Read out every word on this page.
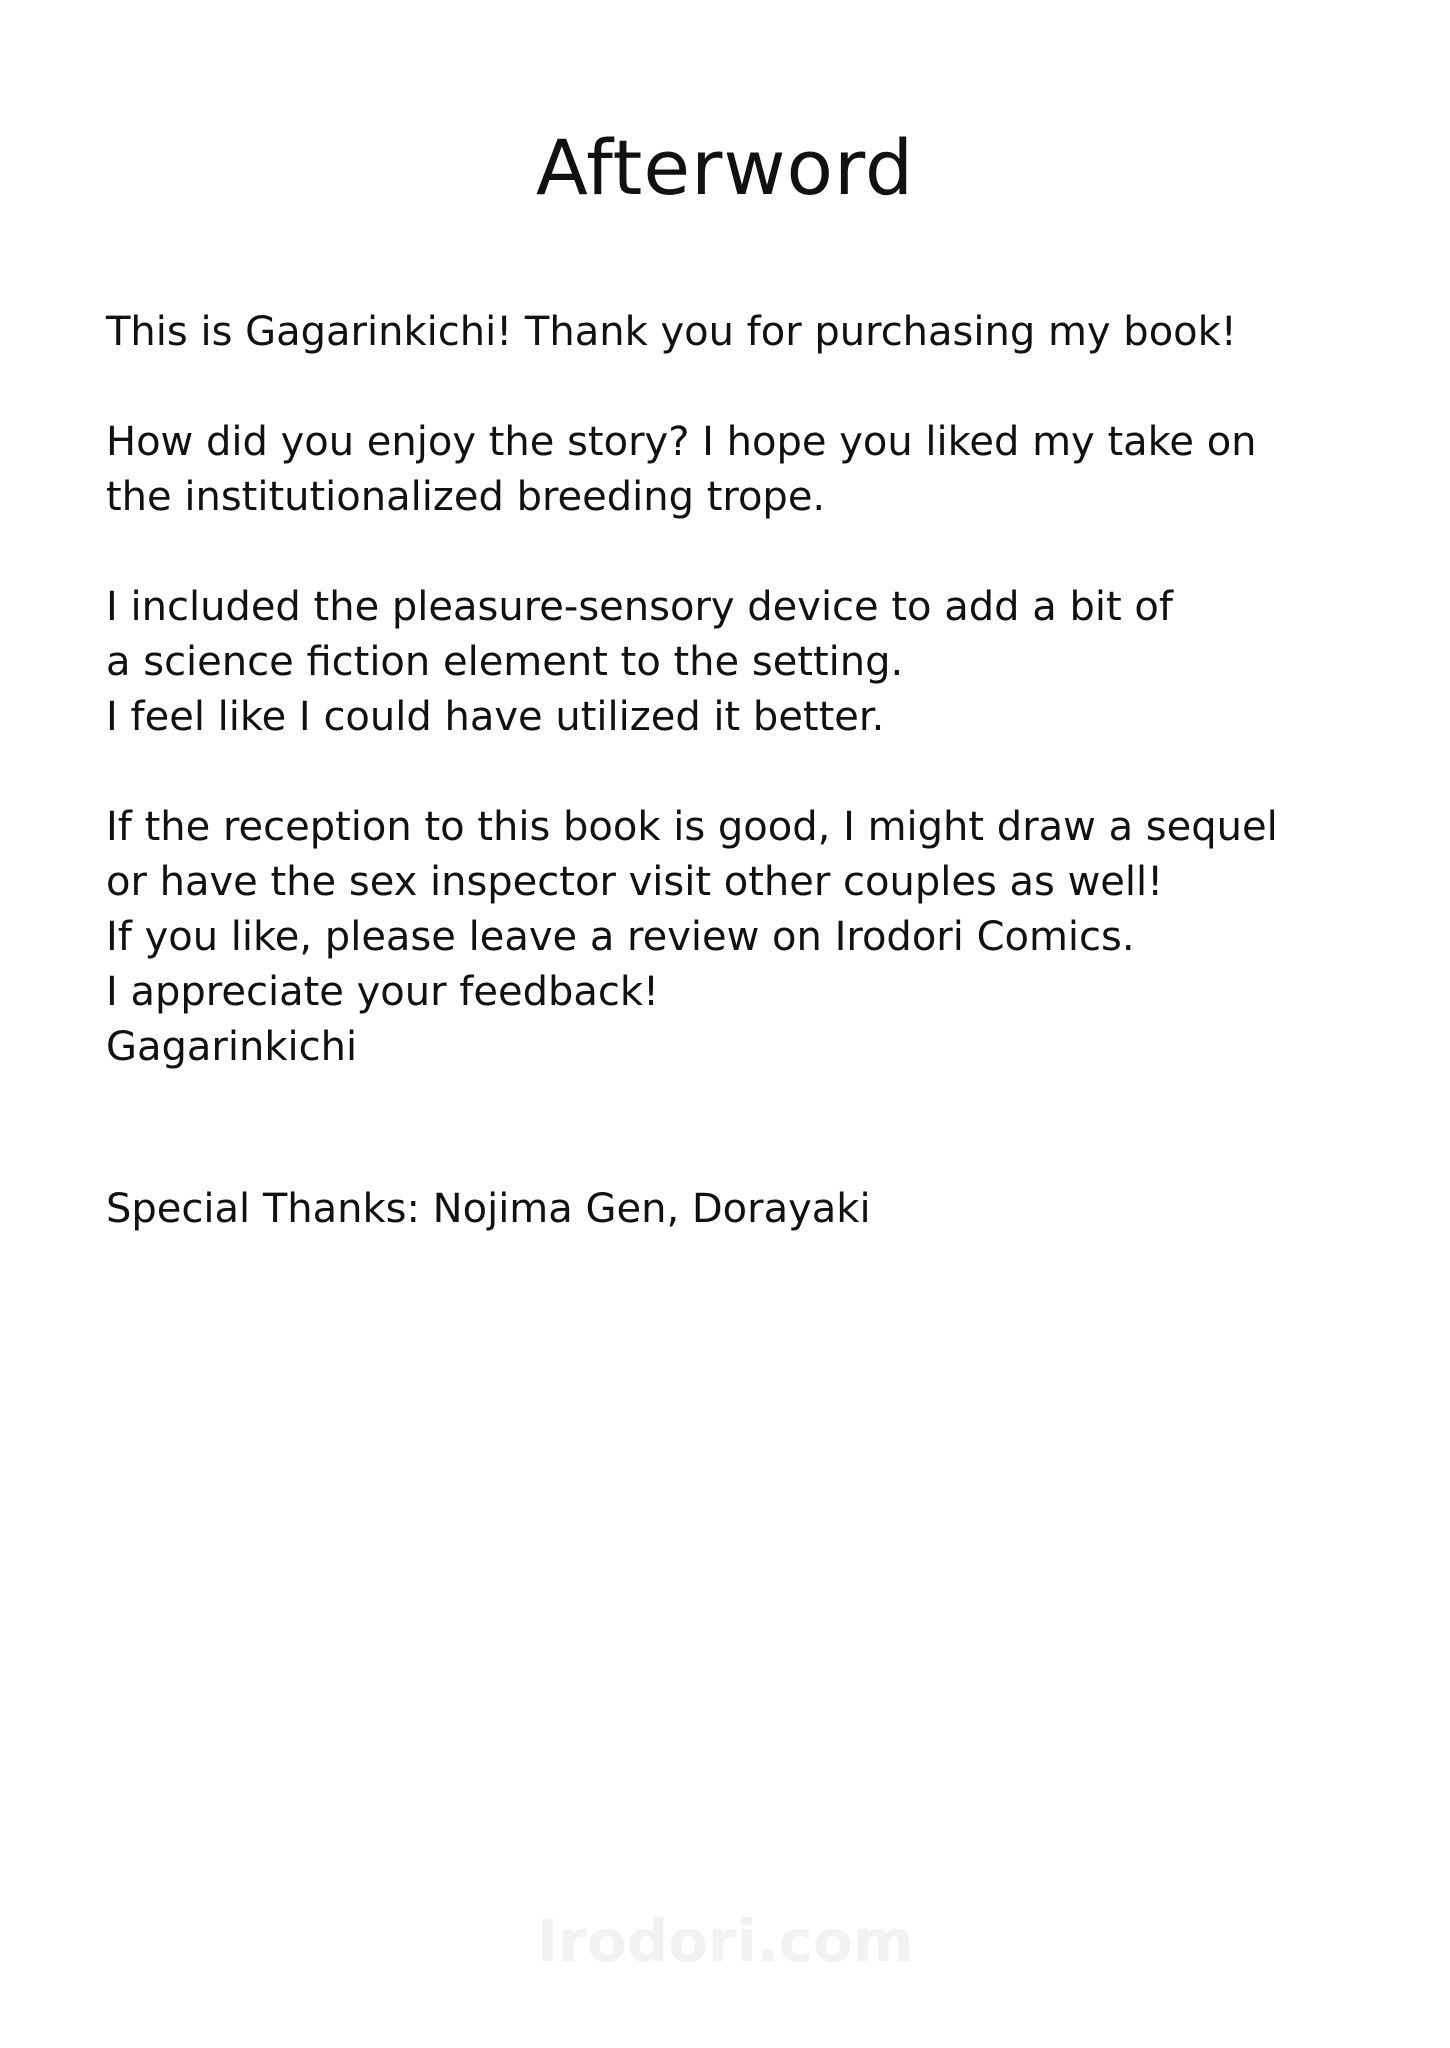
Afterword

This is Gagarinkichi! Thank you for purchasing my book!

How did you enjoy the story? I hope you liked my take on
the institutionalized breeding trope.

I included the pleasure-sensory device to add a bit of
a science fiction element to the setting.
I feel like I could have utilized it better.

If the reception to this book is good, I might draw a sequel
or have the sex inspector visit other couples as well!
If you like, please leave a review on Irodori Comics.
I appreciate your feedback!
Gagarinkichi

Special Thanks: Nojima Gen, Dorayaki
Irodori.com
